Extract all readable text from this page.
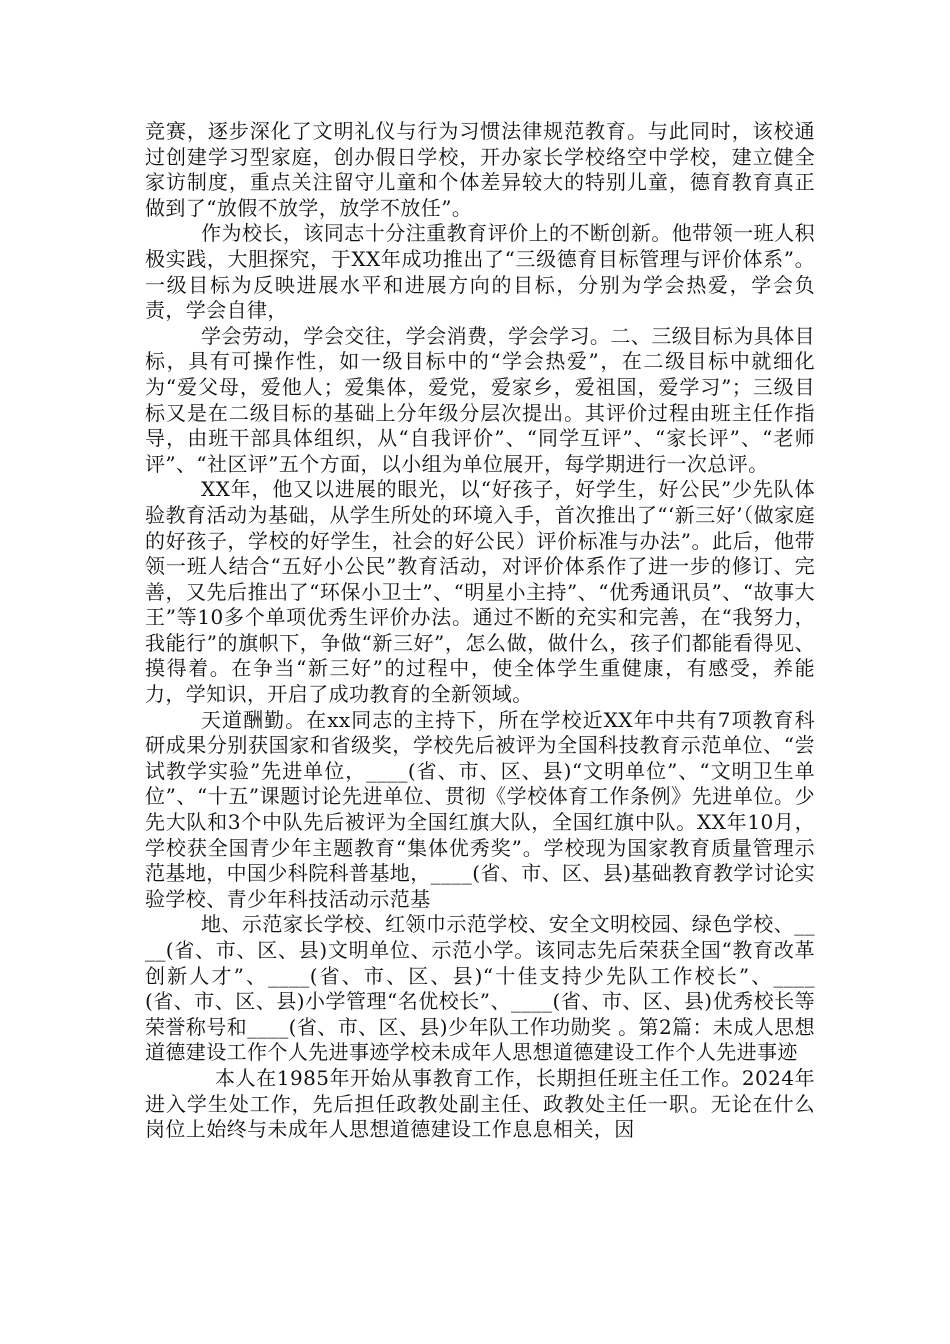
竞赛，逐步深化了文明礼仪与行为习惯法律规范教育。与此同时，该校通过创建学习型家庭，创办假日学校，开办家长学校络空中学校，建立健全家访制度，重点关注留守儿童和个体差异较大的特别儿童，德育教育真正做到了“放假不放学，放学不放任”。

作为校长，该同志十分注重教育评价上的不断创新。他带领一班人积极实践，大胆探究，于XX年成功推出了“三级德育目标管理与评价体系”。一级目标为反映进展水平和进展方向的目标，分别为学会热爱，学会负责，学会自律，

学会劳动，学会交往，学会消费，学会学习。二、三级目标为具体目标，具有可操作性，如一级目标中的“学会热爱”，在二级目标中就细化为“爱父母，爱他人；爱集体，爱党，爱家乡，爱祖国，爱学习”；三级目标又是在二级目标的基础上分年级分层次提出。其评价过程由班主任作指导，由班干部具体组织，从“自我评价”、“同学互评”、“家长评”、“老师评”、“社区评”五个方面，以小组为单位展开，每学期进行一次总评。

XX年，他又以进展的眼光，以“好孩子，好学生，好公民”少先队体验教育活动为基础，从学生所处的环境入手，首次推出了“‘新三好’（做家庭的好孩子，学校的好学生，社会的好公民）评价标准与办法”。此后，他带领一班人结合“五好小公民”教育活动，对评价体系作了进一步的修订、完善，又先后推出了“环保小卫士”、“明星小主持”、“优秀通讯员”、“故事大王”等10多个单项优秀生评价办法。通过不断的充实和完善，在“我努力，我能行”的旗帜下，争做“新三好”，怎么做，做什么，孩子们都能看得见、摸得着。在争当“新三好”的过程中，使全体学生重健康，有感受，养能力，学知识，开启了成功教育的全新领域。

天道酬勤。在xx同志的主持下，所在学校近XX年中共有7项教育科研成果分别获国家和省级奖，学校先后被评为全国科技教育示范单位、“尝试教学实验”先进单位，____(省、市、区、县)“文明单位”、“文明卫生单位”、“十五”课题讨论先进单位、贯彻《学校体育工作条例》先进单位。少先大队和3个中队先后被评为全国红旗大队，全国红旗中队。XX年10月，学校获全国青少年主题教育“集体优秀奖”。学校现为国家教育质量管理示范基地，中国少科院科普基地，____(省、市、区、县)基础教育教学讨论实验学校、青少年科技活动示范基

地、示范家长学校、红领巾示范学校、安全文明校园、绿色学校、____(省、市、区、县)文明单位、示范小学。该同志先后荣获全国“教育改革创新人才”、____(省、市、区、县)“十佳支持少先队工作校长”、____(省、市、区、县)小学管理“名优校长”、____(省、市、区、县)优秀校长等荣誉称号和____(省、市、区、县)少年队工作功勋奖 。第2篇：未成人思想道德建设工作个人先进事迹学校未成年人思想道德建设工作个人先进事迹

本人在1985年开始从事教育工作，长期担任班主任工作。2024年进入学生处工作，先后担任政教处副主任、政教处主任一职。无论在什么岗位上始终与未成年人思想道德建设工作息息相关，因
